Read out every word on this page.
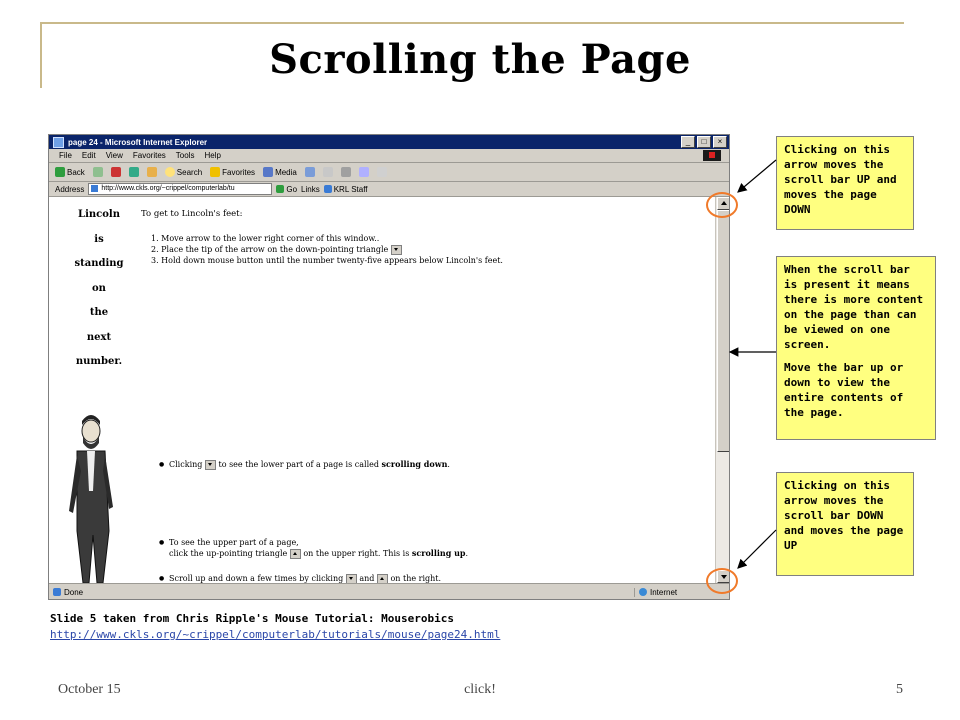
Scrolling the Page
page 24 - Microsoft Internet Explorer	_	□	×
File Edit View Favorites Tools Help
Back	Search	Favorites	Media
Address	http://www.ckls.org/~crippel/computerlab/tu	Go Links KRL Staff
Lincoln
is
standing
on
the
next
number.
To get to Lincoln's feet:
1. Move arrow to the lower right corner of this window..
2. Place the tip of the arrow on the down-pointing triangle
3. Hold down mouse button until the number twenty-five appears below Lincoln's feet.
● Clicking to see the lower part of a page is called scrolling down.
● To see the upper part of a page,
click the up-pointing triangle on the upper right. This is scrolling up.
● Scroll up and down a few times by clicking and on the right.
Done	Internet

Clicking on this arrow moves the scroll bar UP and moves the page DOWN

When the scroll bar is present it means there is more content on the page than can be viewed on one screen.

Move the bar up or down to view the entire contents of the page.

Clicking on this arrow moves the scroll bar DOWN and moves the page UP

Slide 5 taken from Chris Ripple's Mouse Tutorial: Mouserobics
http://www.ckls.org/~crippel/computerlab/tutorials/mouse/page24.html
October 15	click!	5
